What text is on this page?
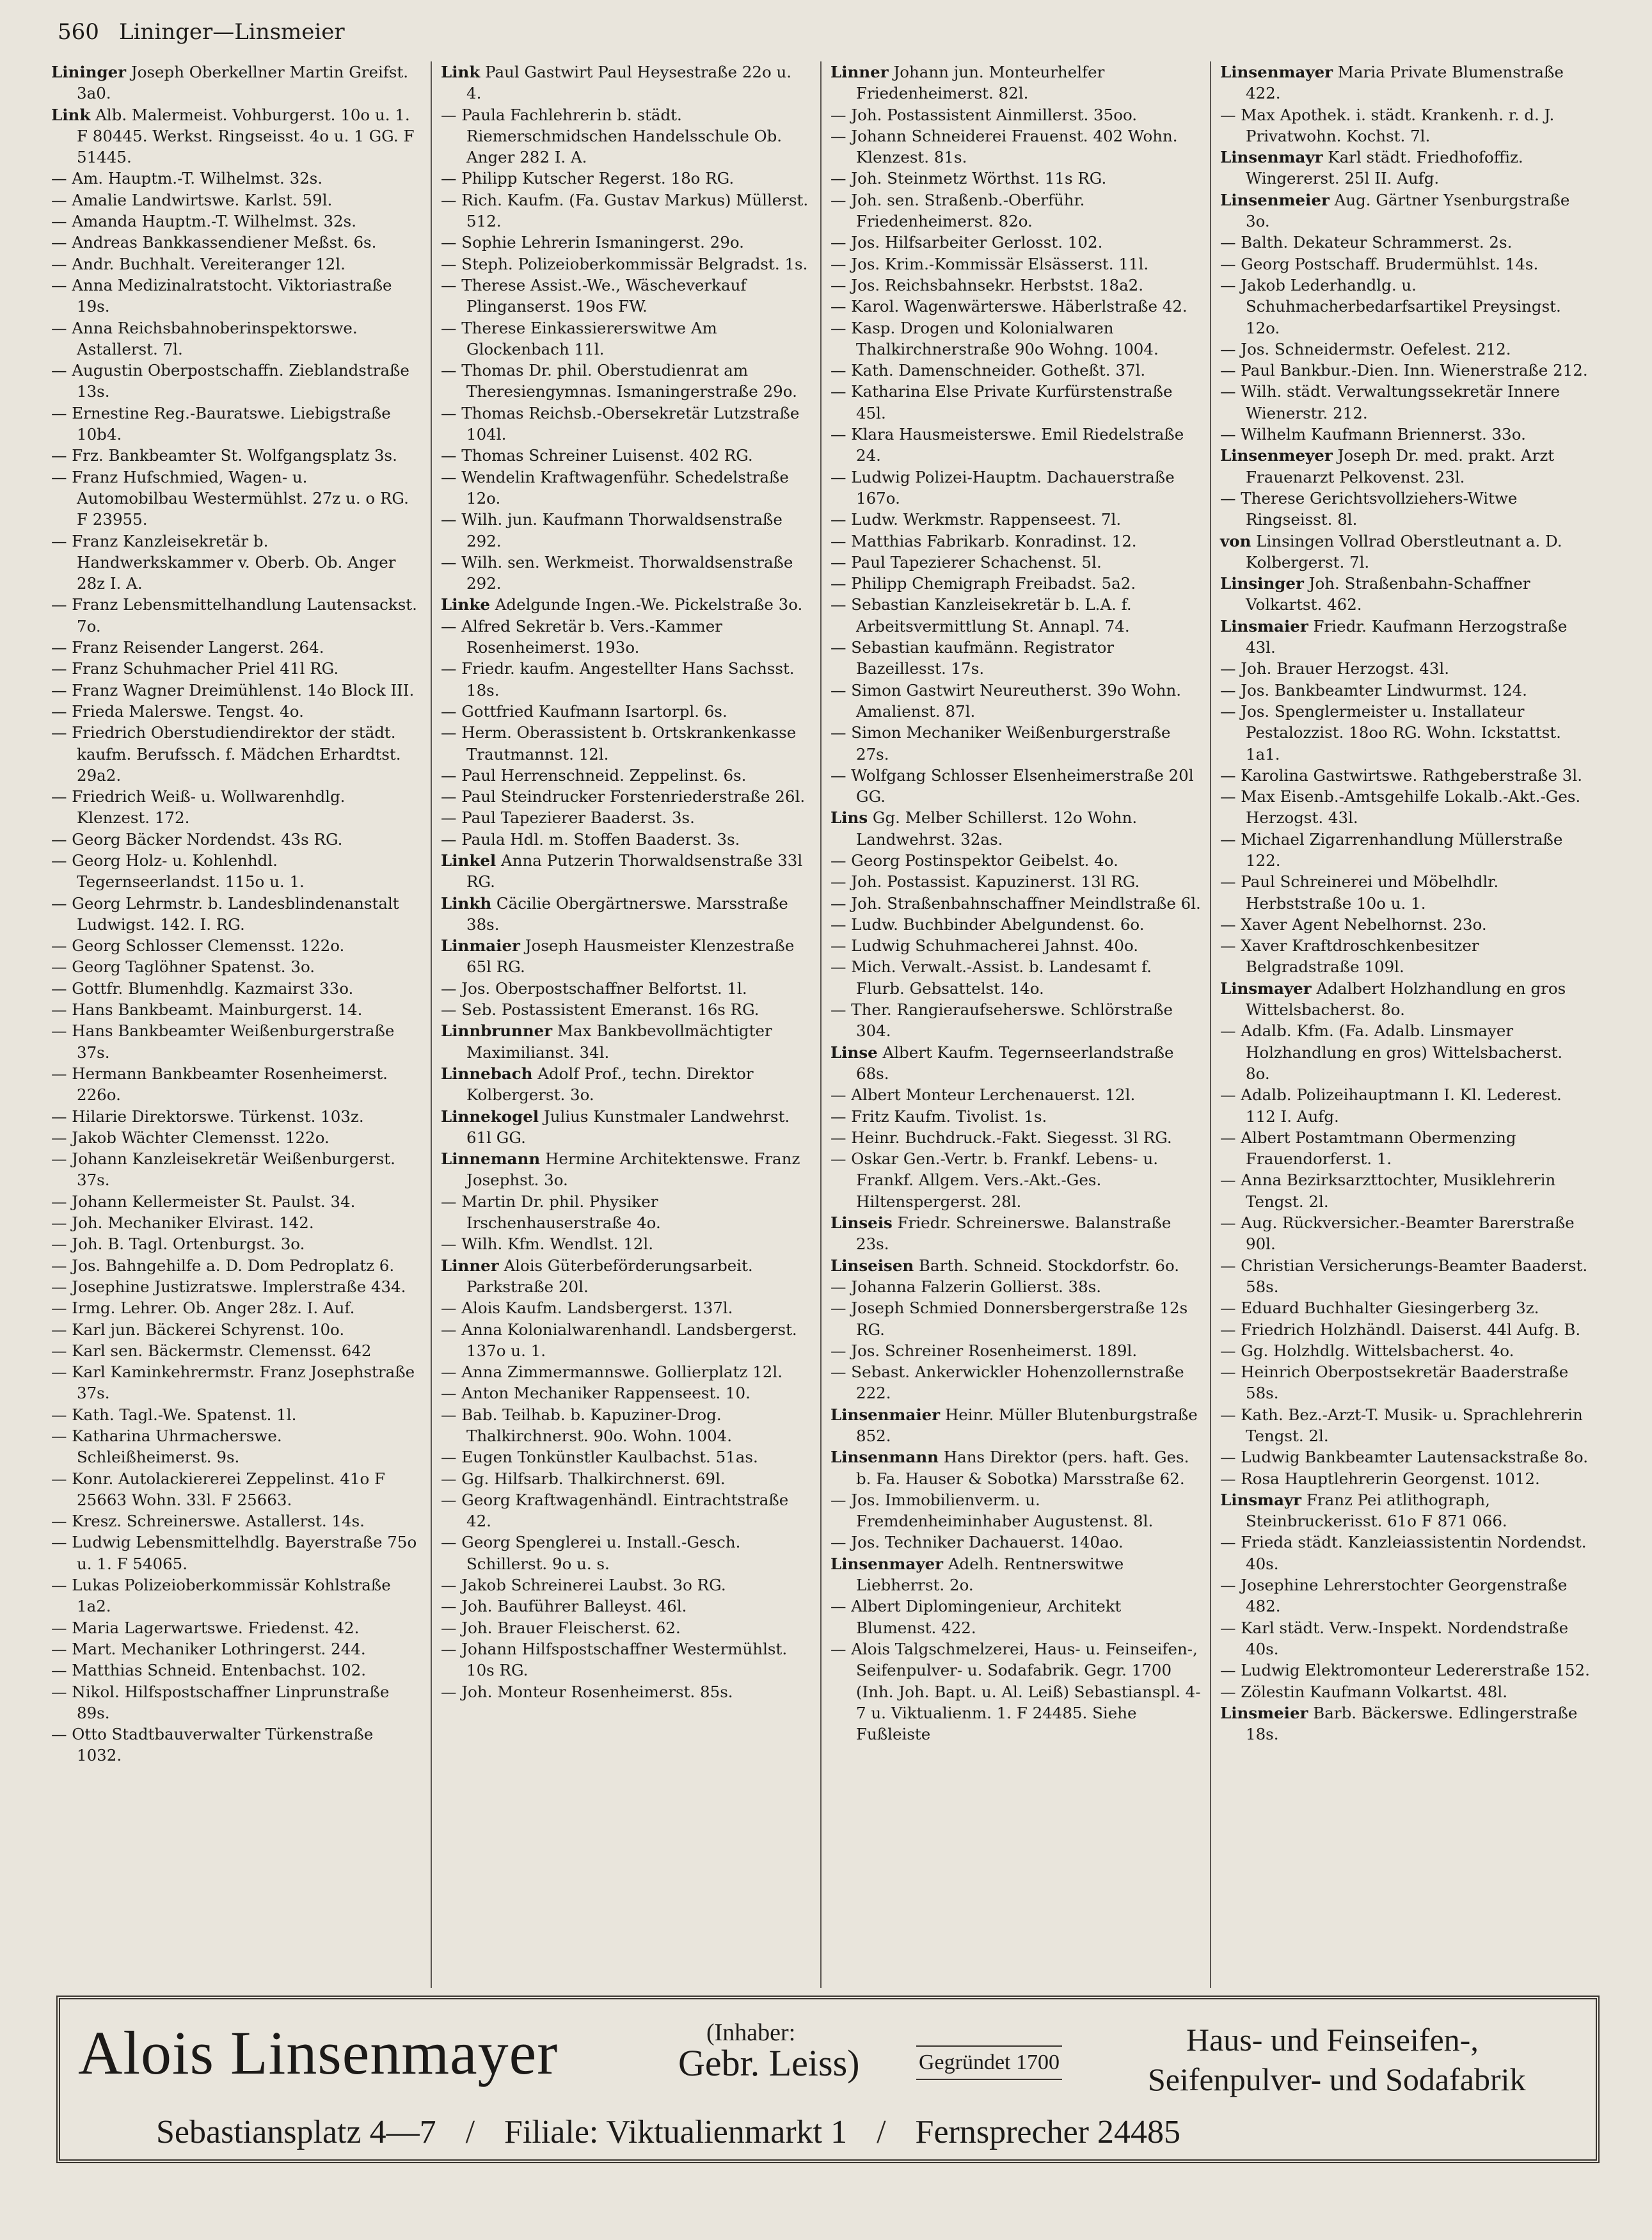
560 Lininger—Linsmeier

Lininger Joseph Oberkellner Martin Greifst. 3a0.

Link Alb. Malermeist. Vohburgerst. 10o u. 1. F 80445. Werkst. Ringseisst. 4o u. 1 GG. F 51445.

— Am. Hauptm.-T. Wilhelmst. 32s.

— Amalie Landwirtswe. Karlst. 59l.

— Amanda Hauptm.-T. Wilhelmst. 32s.

— Andreas Bankkassendiener Meßst. 6s.

— Andr. Buchhalt. Vereiteranger 12l.

— Anna Medizinalratstocht. Viktoriastraße 19s.

— Anna Reichsbahnoberinspektorswe. Astallerst. 7l.

— Augustin Oberpostschaffn. Zieblandstraße 13s.

— Ernestine Reg.-Bauratswe. Liebigstraße 10b4.

— Frz. Bankbeamter St. Wolfgangsplatz 3s.

— Franz Hufschmied, Wagen- u. Automobilbau Westermühlst. 27z u. o RG. F 23955.

— Franz Kanzleisekretär b. Handwerkskammer v. Oberb. Ob. Anger 28z I. A.

— Franz Lebensmittelhandlung Lautensackst. 7o.

— Franz Reisender Langerst. 264.

— Franz Schuhmacher Priel 41l RG.

— Franz Wagner Dreimühlenst. 14o Block III.

— Frieda Malerswe. Tengst. 4o.

— Friedrich Oberstudiendirektor der städt. kaufm. Berufssch. f. Mädchen Erhardtst. 29a2.

— Friedrich Weiß- u. Wollwarenhdlg. Klenzest. 172.

— Georg Bäcker Nordendst. 43s RG.

— Georg Holz- u. Kohlenhdl. Tegernseerlandst. 115o u. 1.

— Georg Lehrmstr. b. Landesblindenanstalt Ludwigst. 142. I. RG.

— Georg Schlosser Clemensst. 122o.

— Georg Taglöhner Spatenst. 3o.

— Gottfr. Blumenhdlg. Kazmairst 33o.

— Hans Bankbeamt. Mainburgerst. 14.

— Hans Bankbeamter Weißenburgerstraße 37s.

— Hermann Bankbeamter Rosenheimerst. 226o.

— Hilarie Direktorswe. Türkenst. 103z.

— Jakob Wächter Clemensst. 122o.

— Johann Kanzleisekretär Weißenburgerst. 37s.

— Johann Kellermeister St. Paulst. 34.

— Joh. Mechaniker Elvirast. 142.

— Joh. B. Tagl. Ortenburgst. 3o.

— Jos. Bahngehilfe a. D. Dom Pedroplatz 6.

— Josephine Justizratswe. Implerstraße 434.

— Irmg. Lehrer. Ob. Anger 28z. I. Auf.

— Karl jun. Bäckerei Schyrenst. 10o.

— Karl sen. Bäckermstr. Clemensst. 642

— Karl Kaminkehrermstr. Franz Josephstraße 37s.

— Kath. Tagl.-We. Spatenst. 1l.

— Katharina Uhrmacherswe. Schleißheimerst. 9s.

— Konr. Autolackiererei Zeppelinst. 41o F 25663 Wohn. 33l. F 25663.

— Kresz. Schreinerswe. Astallerst. 14s.

— Ludwig Lebensmittelhdlg. Bayerstraße 75o u. 1. F 54065.

— Lukas Polizeioberkommissär Kohlstraße 1a2.

— Maria Lagerwartswe. Friedenst. 42.

— Mart. Mechaniker Lothringerst. 244.

— Matthias Schneid. Entenbachst. 102.

— Nikol. Hilfspostschaffner Linprunstraße 89s.

— Otto Stadtbauverwalter Türkenstraße 1032.

Link Paul Gastwirt Paul Heysestraße 22o u. 4.

— Paula Fachlehrerin b. städt. Riemerschmidschen Handelsschule Ob. Anger 282 I. A.

— Philipp Kutscher Regerst. 18o RG.

— Rich. Kaufm. (Fa. Gustav Markus) Müllerst. 512.

— Sophie Lehrerin Ismaningerst. 29o.

— Steph. Polizeioberkommissär Belgradst. 1s.

— Therese Assist.-We., Wäscheverkauf Plinganserst. 19os FW.

— Therese Einkassiererswitwe Am Glockenbach 11l.

— Thomas Dr. phil. Oberstudienrat am Theresiengymnas. Ismaningerstraße 29o.

— Thomas Reichsb.-Obersekretär Lutzstraße 104l.

— Thomas Schreiner Luisenst. 402 RG.

— Wendelin Kraftwagenführ. Schedelstraße 12o.

— Wilh. jun. Kaufmann Thorwaldsenstraße 292.

— Wilh. sen. Werkmeist. Thorwaldsenstraße 292.

Linke Adelgunde Ingen.-We. Pickelstraße 3o.

— Alfred Sekretär b. Vers.-Kammer Rosenheimerst. 193o.

— Friedr. kaufm. Angestellter Hans Sachsst. 18s.

— Gottfried Kaufmann Isartorpl. 6s.

— Herm. Oberassistent b. Ortskrankenkasse Trautmannst. 12l.

— Paul Herrenschneid. Zeppelinst. 6s.

— Paul Steindrucker Forstenriederstraße 26l.

— Paul Tapezierer Baaderst. 3s.

— Paula Hdl. m. Stoffen Baaderst. 3s.

Linkel Anna Putzerin Thorwaldsenstraße 33l RG.

Linkh Cäcilie Obergärtnerswe. Marsstraße 38s.

Linmaier Joseph Hausmeister Klenzestraße 65l RG.

— Jos. Oberpostschaffner Belfortst. 1l.

— Seb. Postassistent Emeranst. 16s RG.

Linnbrunner Max Bankbevollmächtigter Maximilianst. 34l.

Linnebach Adolf Prof., techn. Direktor Kolbergerst. 3o.

Linnekogel Julius Kunstmaler Landwehrst. 61l GG.

Linnemann Hermine Architektenswe. Franz Josephst. 3o.

— Martin Dr. phil. Physiker Irschenhauserstraße 4o.

— Wilh. Kfm. Wendlst. 12l.

Linner Alois Güterbeförderungsarbeit. Parkstraße 20l.

— Alois Kaufm. Landsbergerst. 137l.

— Anna Kolonialwarenhandl. Landsbergerst. 137o u. 1.

— Anna Zimmermannswe. Gollierplatz 12l.

— Anton Mechaniker Rappenseest. 10.

— Bab. Teilhab. b. Kapuziner-Drog. Thalkirchnerst. 90o. Wohn. 1004.

— Eugen Tonkünstler Kaulbachst. 51as.

— Gg. Hilfsarb. Thalkirchnerst. 69l.

— Georg Kraftwagenhändl. Eintrachtstraße 42.

— Georg Spenglerei u. Install.-Gesch. Schillerst. 9o u. s.

— Jakob Schreinerei Laubst. 3o RG.

— Joh. Bauführer Balleyst. 46l.

— Joh. Brauer Fleischerst. 62.

— Johann Hilfspostschaffner Westermühlst. 10s RG.

— Joh. Monteur Rosenheimerst. 85s.

Linner Johann jun. Monteurhelfer Friedenheimerst. 82l.

— Joh. Postassistent Ainmillerst. 35oo.

— Johann Schneiderei Frauenst. 402 Wohn. Klenzest. 81s.

— Joh. Steinmetz Wörthst. 11s RG.

— Joh. sen. Straßenb.-Oberführ. Friedenheimerst. 82o.

— Jos. Hilfsarbeiter Gerlosst. 102.

— Jos. Krim.-Kommissär Elsässerst. 11l.

— Jos. Reichsbahnsekr. Herbstst. 18a2.

— Karol. Wagenwärterswe. Häberlstraße 42.

— Kasp. Drogen und Kolonialwaren Thalkirchnerstraße 90o Wohng. 1004.

— Kath. Damenschneider. Gotheßt. 37l.

— Katharina Else Private Kurfürstenstraße 45l.

— Klara Hausmeisterswe. Emil Riedelstraße 24.

— Ludwig Polizei-Hauptm. Dachauerstraße 167o.

— Ludw. Werkmstr. Rappenseest. 7l.

— Matthias Fabrikarb. Konradinst. 12.

— Paul Tapezierer Schachenst. 5l.

— Philipp Chemigraph Freibadst. 5a2.

— Sebastian Kanzleisekretär b. L.A. f. Arbeitsvermittlung St. Annapl. 74.

— Sebastian kaufmänn. Registrator Bazeillesst. 17s.

— Simon Gastwirt Neureutherst. 39o Wohn. Amalienst. 87l.

— Simon Mechaniker Weißenburgerstraße 27s.

— Wolfgang Schlosser Elsenheimerstraße 20l GG.

Lins Gg. Melber Schillerst. 12o Wohn. Landwehrst. 32as.

— Georg Postinspektor Geibelst. 4o.

— Joh. Postassist. Kapuzinerst. 13l RG.

— Joh. Straßenbahnschaffner Meindlstraße 6l.

— Ludw. Buchbinder Abelgundenst. 6o.

— Ludwig Schuhmacherei Jahnst. 40o.

— Mich. Verwalt.-Assist. b. Landesamt f. Flurb. Gebsattelst. 14o.

— Ther. Rangieraufseherswe. Schlörstraße 304.

Linse Albert Kaufm. Tegernseerlandstraße 68s.

— Albert Monteur Lerchenauerst. 12l.

— Fritz Kaufm. Tivolist. 1s.

— Heinr. Buchdruck.-Fakt. Siegesst. 3l RG.

— Oskar Gen.-Vertr. b. Frankf. Lebens- u. Frankf. Allgem. Vers.-Akt.-Ges. Hiltenspergerst. 28l.

Linseis Friedr. Schreinerswe. Balanstraße 23s.

Linseisen Barth. Schneid. Stockdorfstr. 6o.

— Johanna Falzerin Gollierst. 38s.

— Joseph Schmied Donnersbergerstraße 12s RG.

— Jos. Schreiner Rosenheimerst. 189l.

— Sebast. Ankerwickler Hohenzollernstraße 222.

Linsenmaier Heinr. Müller Blutenburgstraße 852.

Linsenmann Hans Direktor (pers. haft. Ges. b. Fa. Hauser & Sobotka) Marsstraße 62.

— Jos. Immobilienverm. u. Fremdenheiminhaber Augustenst. 8l.

— Jos. Techniker Dachauerst. 140ao.

Linsenmayer Adelh. Rentnerswitwe Liebherrst. 2o.

— Albert Diplomingenieur, Architekt Blumenst. 422.

— Alois Talgschmelzerei, Haus- u. Feinseifen-, Seifenpulver- u. Sodafabrik. Gegr. 1700 (Inh. Joh. Bapt. u. Al. Leiß) Sebastianspl. 4-7 u. Viktualienm. 1. F 24485. Siehe Fußleiste

Linsenmayer Maria Private Blumenstraße 422.

— Max Apothek. i. städt. Krankenh. r. d. J. Privatwohn. Kochst. 7l.

Linsenmayr Karl städt. Friedhofoffiz. Wingererst. 25l II. Aufg.

Linsenmeier Aug. Gärtner Ysenburgstraße 3o.

— Balth. Dekateur Schrammerst. 2s.

— Georg Postschaff. Brudermühlst. 14s.

— Jakob Lederhandlg. u. Schuhmacherbedarfsartikel Preysingst. 12o.

— Jos. Schneidermstr. Oefelest. 212.

— Paul Bankbur.-Dien. Inn. Wienerstraße 212.

— Wilh. städt. Verwaltungssekretär Innere Wienerstr. 212.

— Wilhelm Kaufmann Briennerst. 33o.

Linsenmeyer Joseph Dr. med. prakt. Arzt Frauenarzt Pelkovenst. 23l.

— Therese Gerichtsvollziehers-Witwe Ringseisst. 8l.

von Linsingen Vollrad Oberstleutnant a. D. Kolbergerst. 7l.

Linsinger Joh. Straßenbahn-Schaffner Volkartst. 462.

Linsmaier Friedr. Kaufmann Herzogstraße 43l.

— Joh. Brauer Herzogst. 43l.

— Jos. Bankbeamter Lindwurmst. 124.

— Jos. Spenglermeister u. Installateur Pestalozzist. 18oo RG. Wohn. Ickstattst. 1a1.

— Karolina Gastwirtswe. Rathgeberstraße 3l.

— Max Eisenb.-Amtsgehilfe Lokalb.-Akt.-Ges. Herzogst. 43l.

— Michael Zigarrenhandlung Müllerstraße 122.

— Paul Schreinerei und Möbelhdlr. Herbststraße 10o u. 1.

— Xaver Agent Nebelhornst. 23o.

— Xaver Kraftdroschkenbesitzer Belgradstraße 109l.

Linsmayer Adalbert Holzhandlung en gros Wittelsbacherst. 8o.

— Adalb. Kfm. (Fa. Adalb. Linsmayer Holzhandlung en gros) Wittelsbacherst. 8o.

— Adalb. Polizeihauptmann I. Kl. Lederest. 112 I. Aufg.

— Albert Postamtmann Obermenzing Frauendorferst. 1.

— Anna Bezirksarzttochter, Musiklehrerin Tengst. 2l.

— Aug. Rückversicher.-Beamter Barerstraße 90l.

— Christian Versicherungs-Beamter Baaderst. 58s.

— Eduard Buchhalter Giesingerberg 3z.

— Friedrich Holzhändl. Daiserst. 44l Aufg. B.

— Gg. Holzhdlg. Wittelsbacherst. 4o.

— Heinrich Oberpostsekretär Baaderstraße 58s.

— Kath. Bez.-Arzt-T. Musik- u. Sprachlehrerin Tengst. 2l.

— Ludwig Bankbeamter Lautensackstraße 8o.

— Rosa Hauptlehrerin Georgenst. 1012.

Linsmayr Franz Pei atlithograph, Steinbruckerisst. 61o F 871 066.

— Frieda städt. Kanzleiassistentin Nordendst. 40s.

— Josephine Lehrerstochter Georgenstraße 482.

— Karl städt. Verw.-Inspekt. Nordendstraße 40s.

— Ludwig Elektromonteur Ledererstraße 152.

— Zölestin Kaufmann Volkartst. 48l.

Linsmeier Barb. Bäckerswe. Edlingerstraße 18s.

Alois Linsenmayer	(Inhaber:
Gebr. Leiss)	Gegründet 1700
Haus- und Feinseifen-,
Seifenpulver- und Sodafabrik
Sebastiansplatz 4—7 / Filiale: Viktualienmarkt 1 / Fernsprecher 24485
